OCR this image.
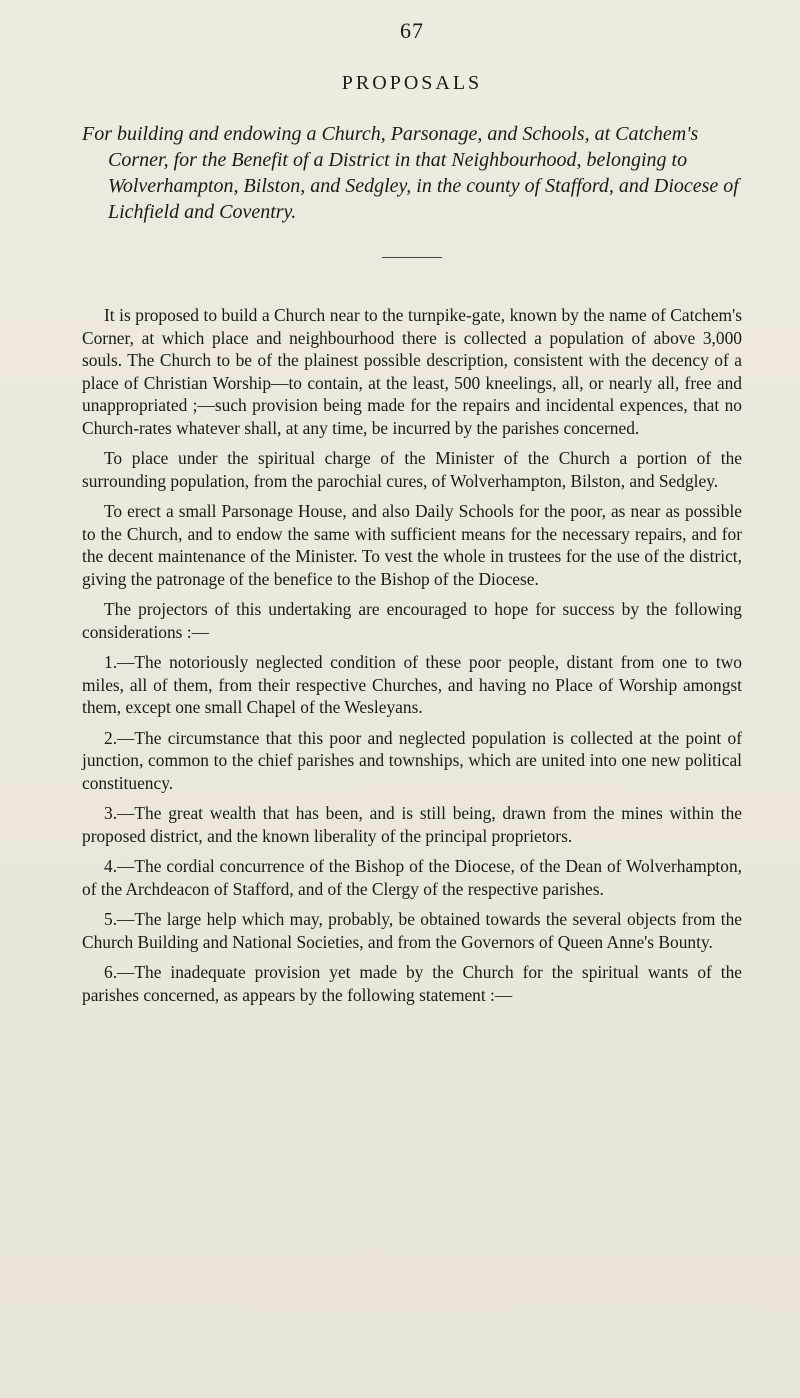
67
PROPOSALS
For building and endowing a Church, Parsonage, and Schools, at Catchem's Corner, for the Benefit of a District in that Neighbourhood, belonging to Wolverhampton, Bilston, and Sedgley, in the county of Stafford, and Diocese of Lichfield and Coventry.

It is proposed to build a Church near to the turnpike-gate, known by the name of Catchem's Corner, at which place and neighbourhood there is collected a population of above 3,000 souls. The Church to be of the plainest possible description, consistent with the decency of a place of Christian Worship—to contain, at the least, 500 kneelings, all, or nearly all, free and unappropriated ;—such provision being made for the repairs and incidental expences, that no Church-rates whatever shall, at any time, be incurred by the parishes concerned.

To place under the spiritual charge of the Minister of the Church a portion of the surrounding population, from the parochial cures, of Wolverhampton, Bilston, and Sedgley.

To erect a small Parsonage House, and also Daily Schools for the poor, as near as possible to the Church, and to endow the same with sufficient means for the necessary repairs, and for the decent maintenance of the Minister. To vest the whole in trustees for the use of the district, giving the patronage of the benefice to the Bishop of the Diocese.

The projectors of this undertaking are encouraged to hope for success by the following considerations :—

1.—The notoriously neglected condition of these poor people, distant from one to two miles, all of them, from their respective Churches, and having no Place of Worship amongst them, except one small Chapel of the Wesleyans.

2.—The circumstance that this poor and neglected population is collected at the point of junction, common to the chief parishes and townships, which are united into one new political constituency.

3.—The great wealth that has been, and is still being, drawn from the mines within the proposed district, and the known liberality of the principal proprietors.

4.—The cordial concurrence of the Bishop of the Diocese, of the Dean of Wolverhampton, of the Archdeacon of Stafford, and of the Clergy of the respective parishes.

5.—The large help which may, probably, be obtained towards the several objects from the Church Building and National Societies, and from the Governors of Queen Anne's Bounty.

6.—The inadequate provision yet made by the Church for the spiritual wants of the parishes concerned, as appears by the following statement :—
